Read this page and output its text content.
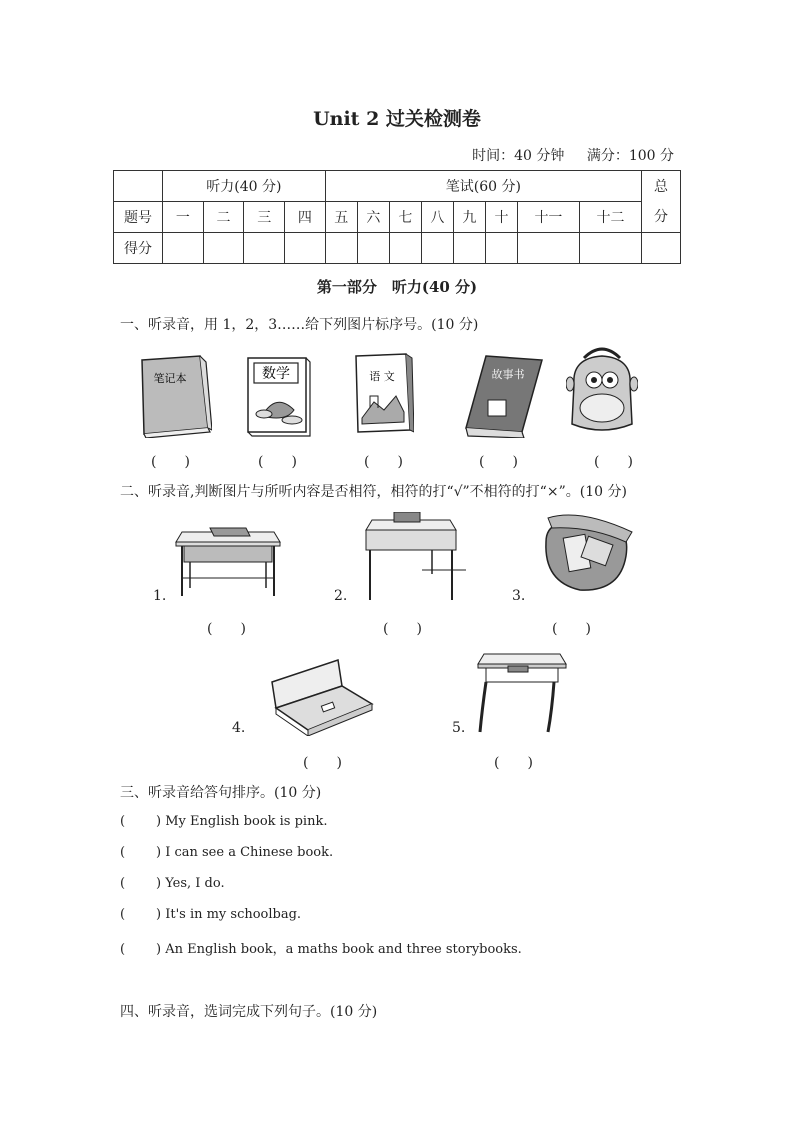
Unit 2 过关检测卷
时间：40 分钟 满分：100 分
	听力(40 分)				笔试(60 分)								总分
题号	一	二	三	四	五	六	七	八	九	十	十一	十二	
得分													
第一部分　听力(40 分)
一、听录音，用 1，2，3……给下列图片标序号。(10 分)
笔记本	数学	语 文	故事书
(　　)	(　　)	(　　)	(　　)	(　　)
二、听录音,判断图片与所听内容是否相符，相符的打“√”不相符的打“×”。(10 分)
1.	2.	3.
(　　)	(　　)	(　　)
4.	5.
(　　)	(　　)
三、听录音给答句排序。(10 分)
( ) My English book is pink.
( ) I can see a Chinese book.
( ) Yes, I do.
( ) It's in my schoolbag.
( ) An English book，a maths book and three storybooks.
四、听录音，选词完成下列句子。(10 分)
